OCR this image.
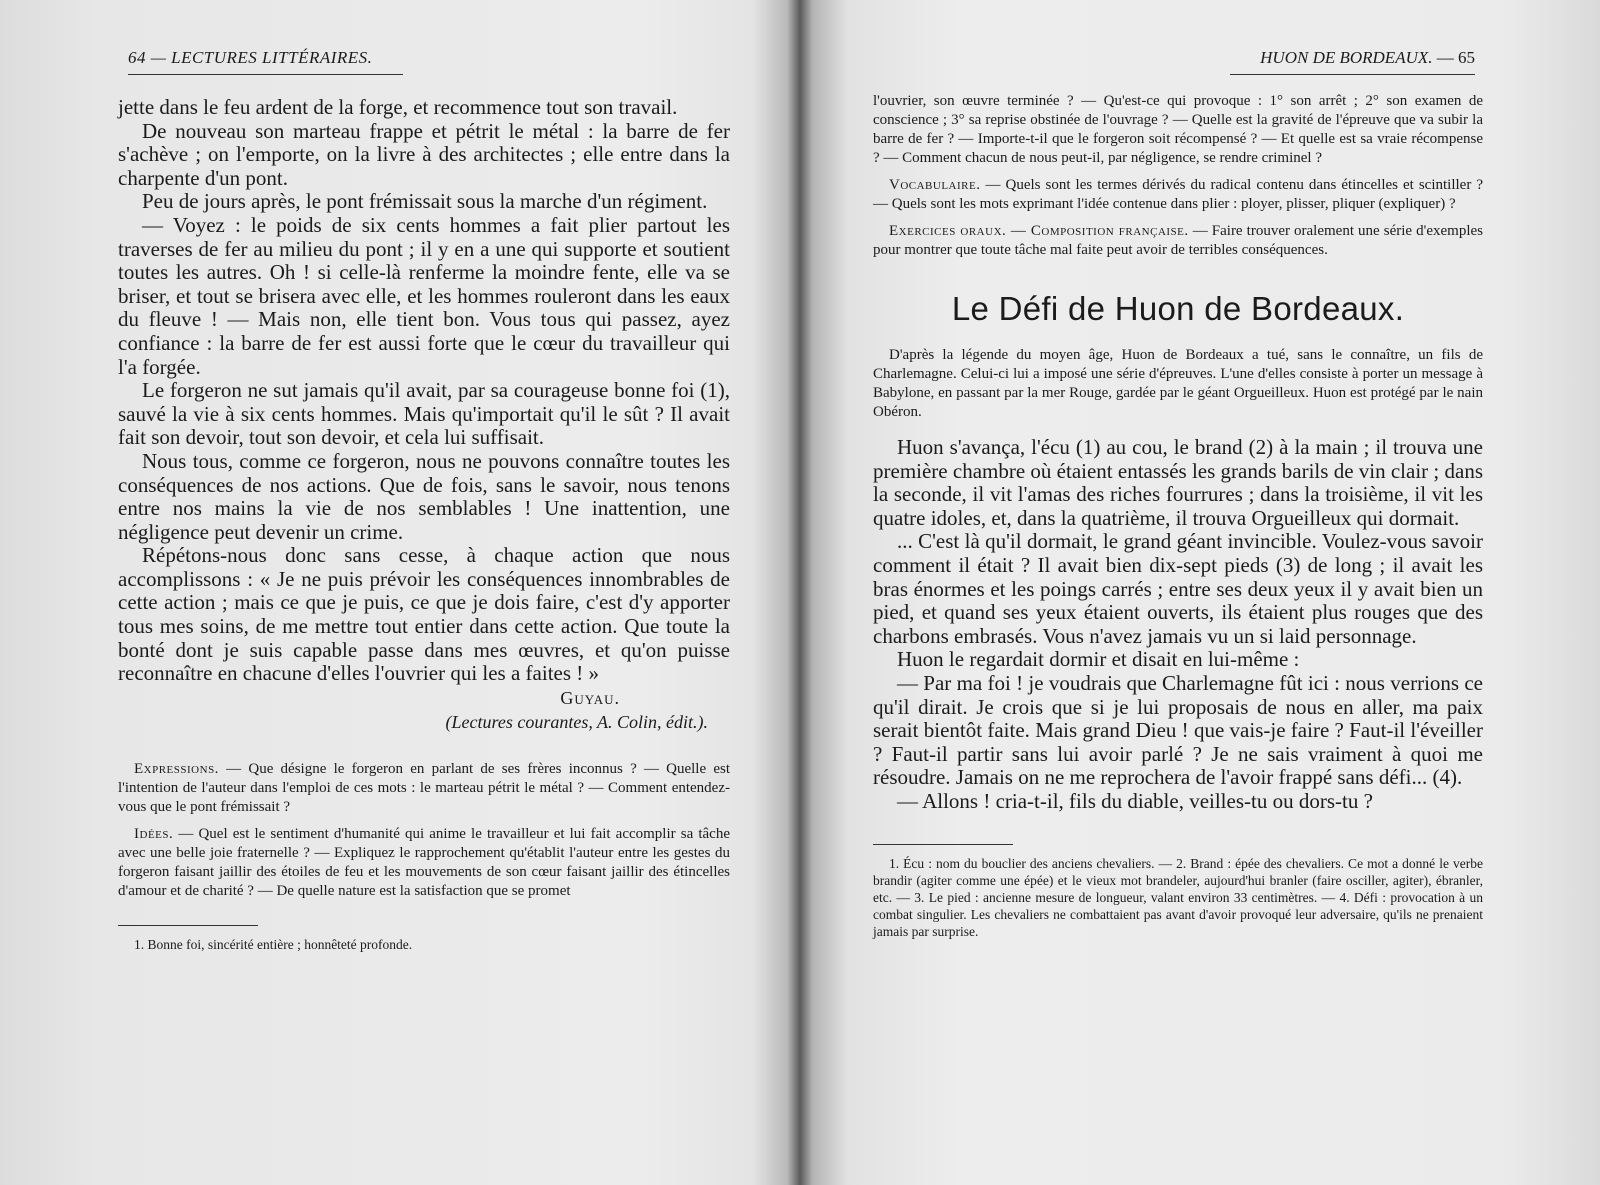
64 — LECTURES LITTÉRAIRES.

jette dans le feu ardent de la forge, et recommence tout son travail.

De nouveau son marteau frappe et pétrit le métal : la barre de fer s'achève ; on l'emporte, on la livre à des architectes ; elle entre dans la charpente d'un pont.

Peu de jours après, le pont frémissait sous la marche d'un régiment.

— Voyez : le poids de six cents hommes a fait plier partout les traverses de fer au milieu du pont ; il y en a une qui supporte et soutient toutes les autres. Oh ! si celle-là renferme la moindre fente, elle va se briser, et tout se brisera avec elle, et les hommes rouleront dans les eaux du fleuve ! — Mais non, elle tient bon. Vous tous qui passez, ayez confiance : la barre de fer est aussi forte que le cœur du travailleur qui l'a forgée.

Le forgeron ne sut jamais qu'il avait, par sa courageuse bonne foi (1), sauvé la vie à six cents hommes. Mais qu'importait qu'il le sût ? Il avait fait son devoir, tout son devoir, et cela lui suffisait.

Nous tous, comme ce forgeron, nous ne pouvons connaître toutes les conséquences de nos actions. Que de fois, sans le savoir, nous tenons entre nos mains la vie de nos semblables ! Une inattention, une négligence peut devenir un crime.

Répétons-nous donc sans cesse, à chaque action que nous accomplissons : « Je ne puis prévoir les conséquences innombrables de cette action ; mais ce que je puis, ce que je dois faire, c'est d'y apporter tous mes soins, de me mettre tout entier dans cette action. Que toute la bonté dont je suis capable passe dans mes œuvres, et qu'on puisse reconnaître en chacune d'elles l'ouvrier qui les a faites ! »

Guyau.
(Lectures courantes, A. Colin, édit.).

Expressions. — Que désigne le forgeron en parlant de ses frères inconnus ? — Quelle est l'intention de l'auteur dans l'emploi de ces mots : le marteau pétrit le métal ? — Comment entendez-vous que le pont frémissait ?

Idées. — Quel est le sentiment d'humanité qui anime le travailleur et lui fait accomplir sa tâche avec une belle joie fraternelle ? — Expliquez le rapprochement qu'établit l'auteur entre les gestes du forgeron faisant jaillir des étoiles de feu et les mouvements de son cœur faisant jaillir des étincelles d'amour et de charité ? — De quelle nature est la satisfaction que se promet

1. Bonne foi, sincérité entière ; honnêteté profonde.

HUON DE BORDEAUX. — 65

l'ouvrier, son œuvre terminée ? — Qu'est-ce qui provoque : 1° son arrêt ; 2° son examen de conscience ; 3° sa reprise obstinée de l'ouvrage ? — Quelle est la gravité de l'épreuve que va subir la barre de fer ? — Importe-t-il que le forgeron soit récompensé ? — Et quelle est sa vraie récompense ? — Comment chacun de nous peut-il, par négligence, se rendre criminel ?

Vocabulaire. — Quels sont les termes dérivés du radical contenu dans étincelles et scintiller ? — Quels sont les mots exprimant l'idée contenue dans plier : ployer, plisser, pliquer (expliquer) ?

Exercices oraux. — Composition française. — Faire trouver oralement une série d'exemples pour montrer que toute tâche mal faite peut avoir de terribles conséquences.

Le Défi de Huon de Bordeaux.

D'après la légende du moyen âge, Huon de Bordeaux a tué, sans le connaître, un fils de Charlemagne. Celui-ci lui a imposé une série d'épreuves. L'une d'elles consiste à porter un message à Babylone, en passant par la mer Rouge, gardée par le géant Orgueilleux. Huon est protégé par le nain Obéron.

Huon s'avança, l'écu (1) au cou, le brand (2) à la main ; il trouva une première chambre où étaient entassés les grands barils de vin clair ; dans la seconde, il vit l'amas des riches fourrures ; dans la troisième, il vit les quatre idoles, et, dans la quatrième, il trouva Orgueilleux qui dormait.

... C'est là qu'il dormait, le grand géant invincible. Voulez-vous savoir comment il était ? Il avait bien dix-sept pieds (3) de long ; il avait les bras énormes et les poings carrés ; entre ses deux yeux il y avait bien un pied, et quand ses yeux étaient ouverts, ils étaient plus rouges que des charbons embrasés. Vous n'avez jamais vu un si laid personnage.

Huon le regardait dormir et disait en lui-même :

— Par ma foi ! je voudrais que Charlemagne fût ici : nous verrions ce qu'il dirait. Je crois que si je lui proposais de nous en aller, ma paix serait bientôt faite. Mais grand Dieu ! que vais-je faire ? Faut-il l'éveiller ? Faut-il partir sans lui avoir parlé ? Je ne sais vraiment à quoi me résoudre. Jamais on ne me reprochera de l'avoir frappé sans défi... (4).

— Allons ! cria-t-il, fils du diable, veilles-tu ou dors-tu ?

1. Écu : nom du bouclier des anciens chevaliers. — 2. Brand : épée des chevaliers. Ce mot a donné le verbe brandir (agiter comme une épée) et le vieux mot brandeler, aujourd'hui branler (faire osciller, agiter), ébranler, etc. — 3. Le pied : ancienne mesure de longueur, valant environ 33 centimètres. — 4. Défi : provocation à un combat singulier. Les chevaliers ne combattaient pas avant d'avoir provoqué leur adversaire, qu'ils ne prenaient jamais par surprise.
